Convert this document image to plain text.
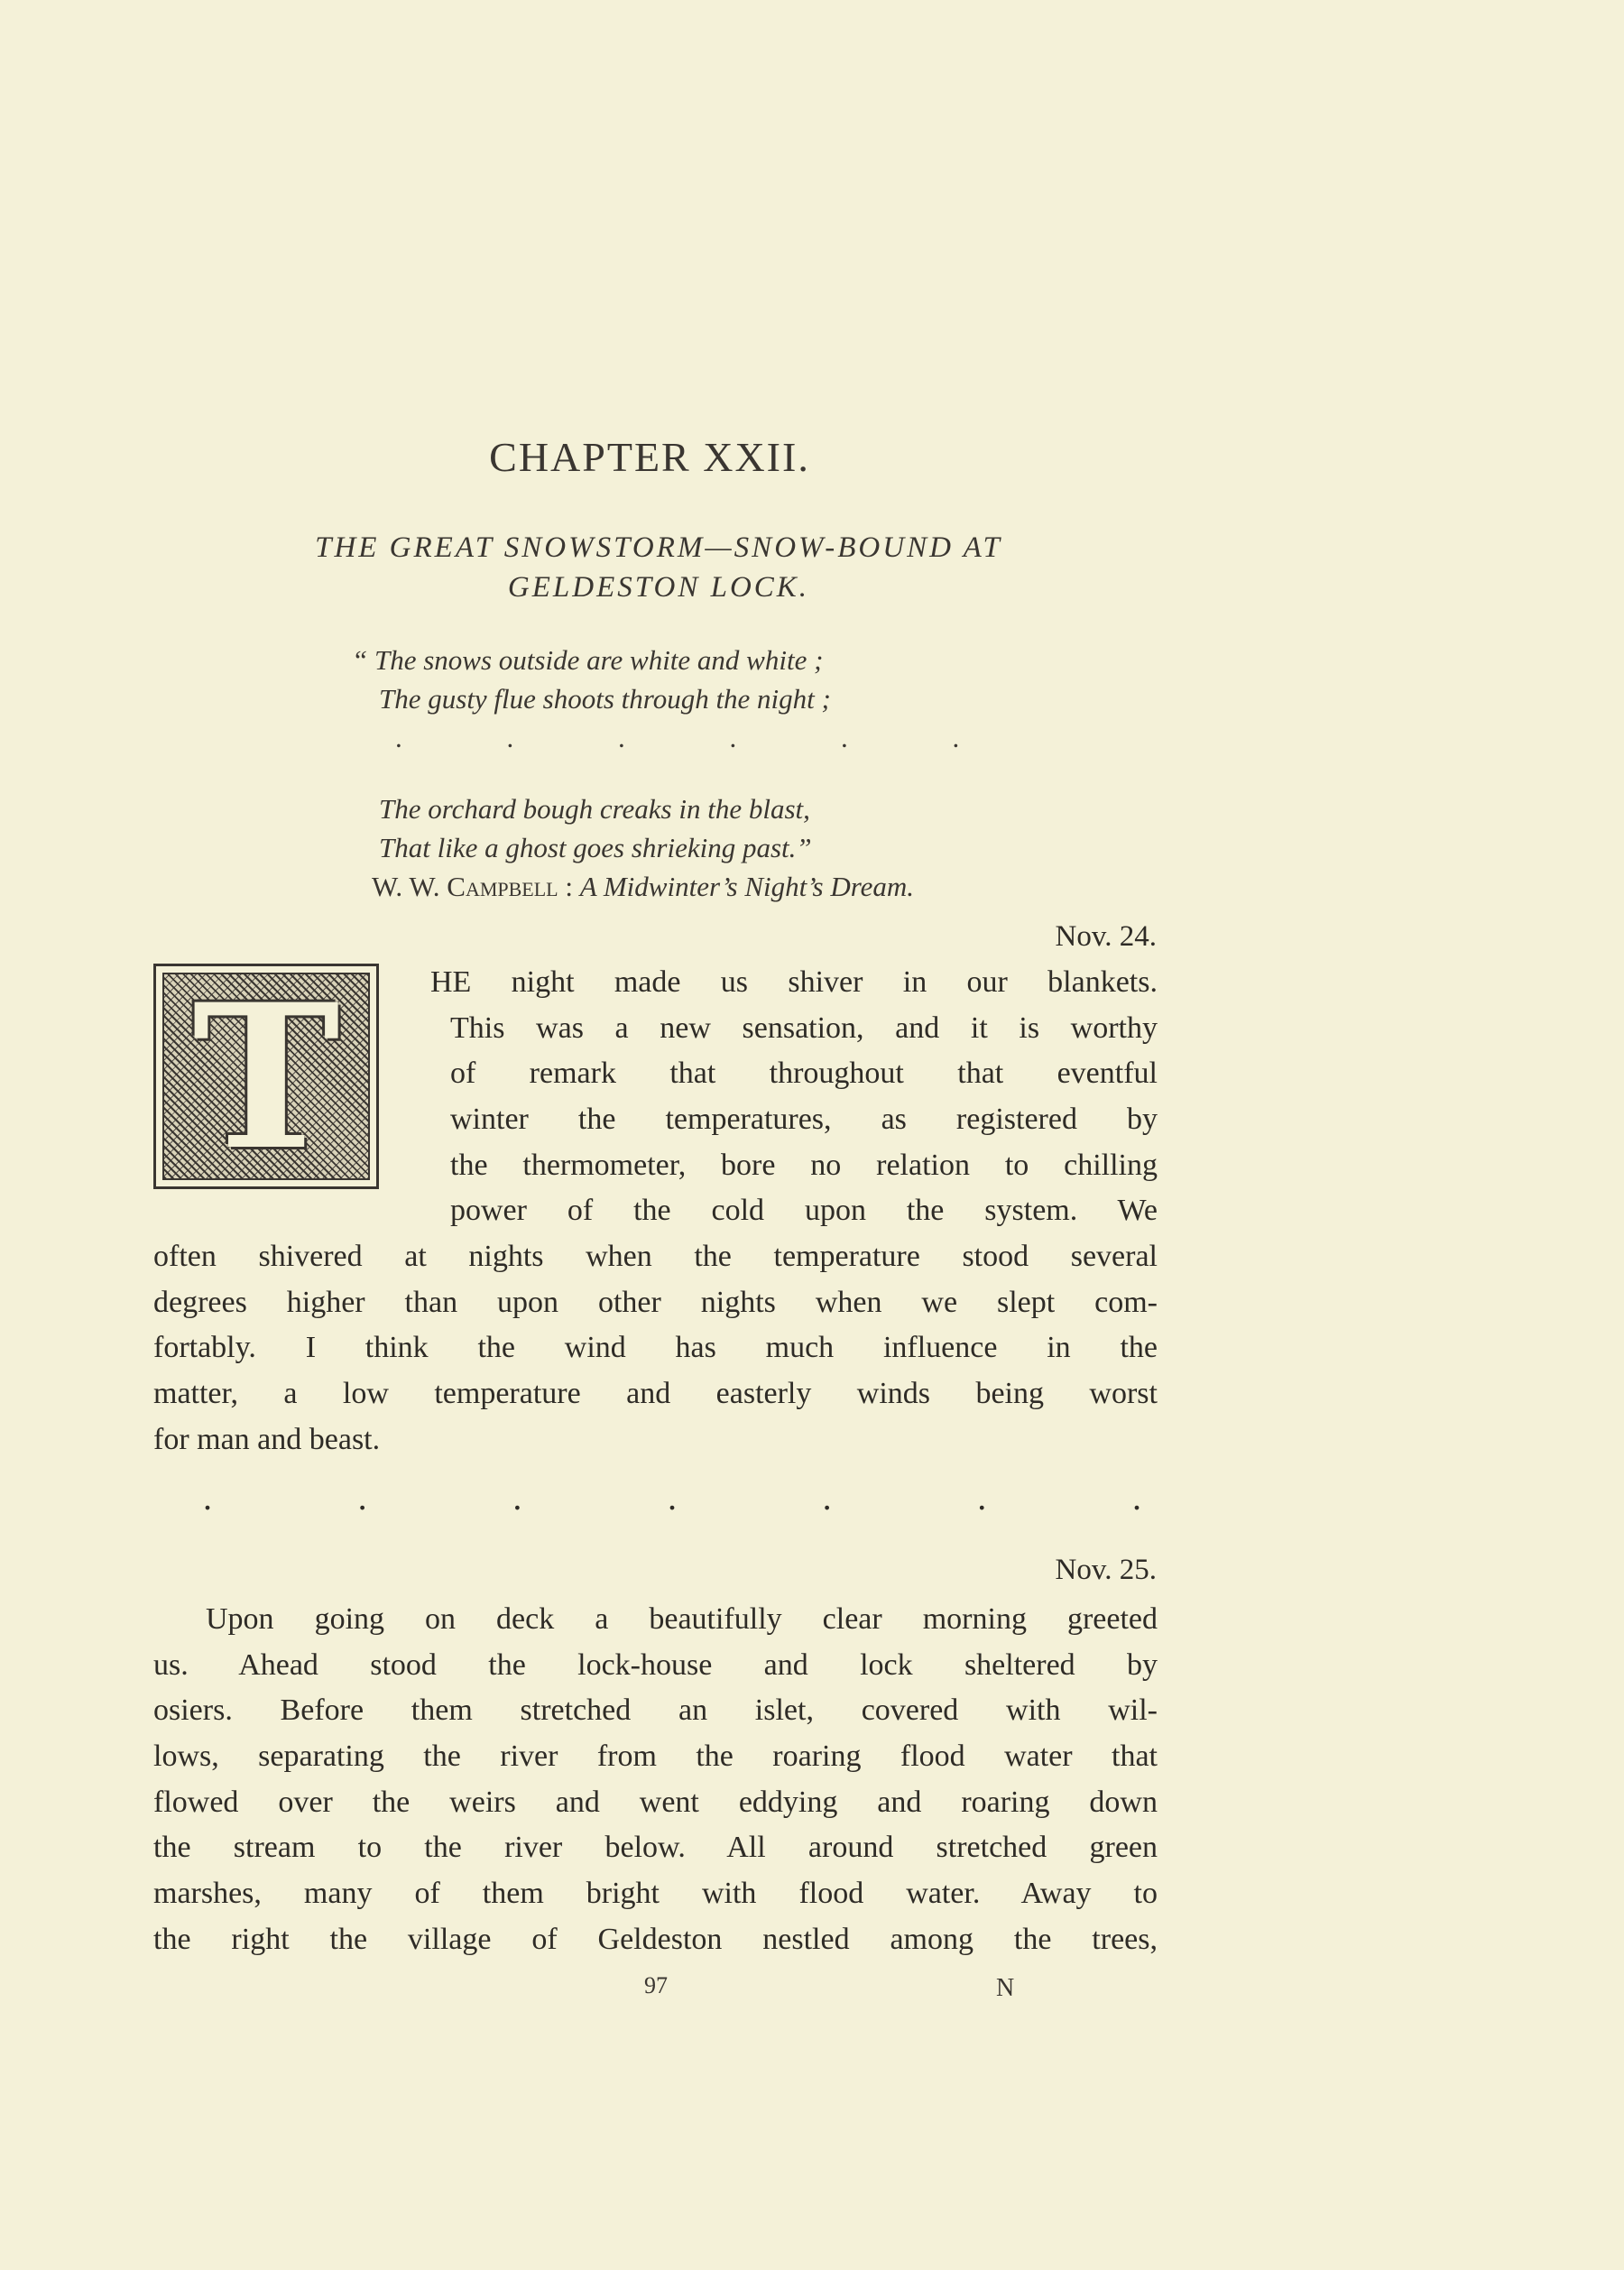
CHAPTER XXII.
THE GREAT SNOWSTORM—SNOW-BOUND AT
GELDESTON LOCK.
“ The snows outside are white and white ;
The gusty flue shoots through the night ;
. . . . . .
The orchard bough creaks in the blast,
That like a ghost goes shrieking past.”
W. W. Campbell : A Midwinter’s Night’s Dream.
Nov. 24.
T	HE night made us shiver in our blankets.
This was a new sensation, and it is worthy
of remark that throughout that eventful
winter the temperatures, as registered by
the thermometer, bore no relation to chilling
power of the cold upon the system. We
often shivered at nights when the temperature stood several
degrees higher than upon other nights when we slept com-
fortably. I think the wind has much influence in the
matter, a low temperature and easterly winds being worst
for man and beast.
.	.	.	.	.	.	.
Nov. 25.
Upon going on deck a beautifully clear morning greeted
us. Ahead stood the lock-house and lock sheltered by
osiers. Before them stretched an islet, covered with wil-
lows, separating the river from the roaring flood water that
flowed over the weirs and went eddying and roaring down
the stream to the river below. All around stretched green
marshes, many of them bright with flood water. Away to
the right the village of Geldeston nestled among the trees,
97	N
